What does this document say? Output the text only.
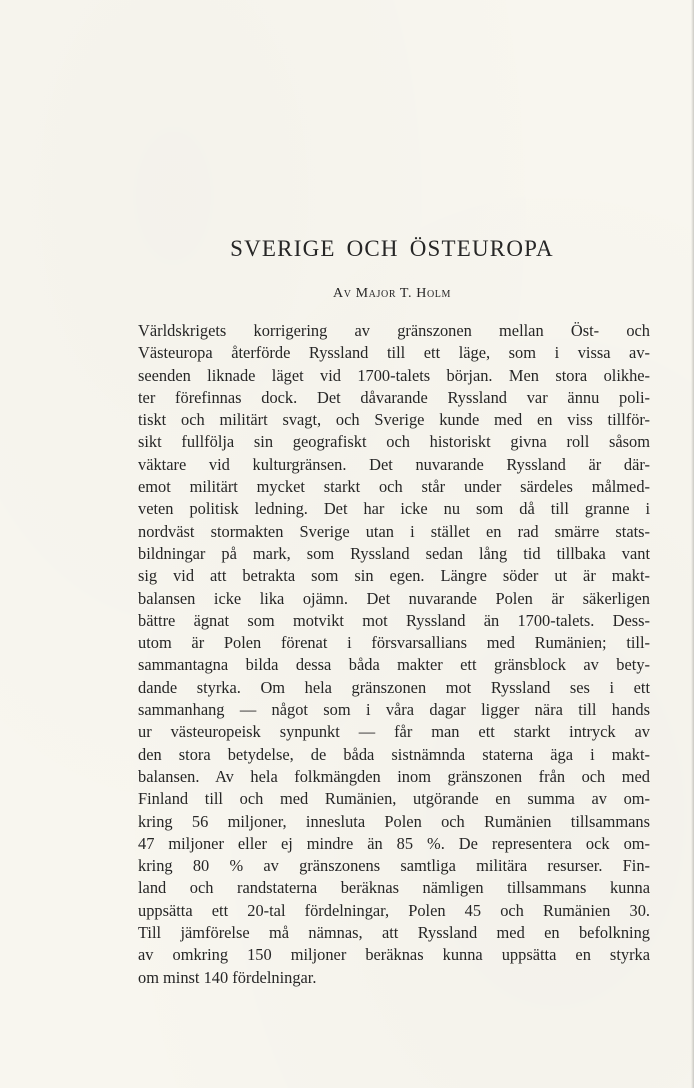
SVERIGE OCH ÖSTEUROPA

Av Major T. Holm

Världskrigets korrigering av gränszonen mellan Öst- och
Västeuropa återförde Ryssland till ett läge, som i vissa av-
seenden liknade läget vid 1700-talets början. Men stora olikhe-
ter förefinnas dock. Det dåvarande Ryssland var ännu poli-
tiskt och militärt svagt, och Sverige kunde med en viss tillför-
sikt fullfölja sin geografiskt och historiskt givna roll såsom
väktare vid kulturgränsen. Det nuvarande Ryssland är där-
emot militärt mycket starkt och står under särdeles målmed-
veten politisk ledning. Det har icke nu som då till granne i
nordväst stormakten Sverige utan i stället en rad smärre stats-
bildningar på mark, som Ryssland sedan lång tid tillbaka vant
sig vid att betrakta som sin egen. Längre söder ut är makt-
balansen icke lika ojämn. Det nuvarande Polen är säkerligen
bättre ägnat som motvikt mot Ryssland än 1700-talets. Dess-
utom är Polen förenat i försvarsallians med Rumänien; till-
sammantagna bilda dessa båda makter ett gränsblock av bety-
dande styrka. Om hela gränszonen mot Ryssland ses i ett
sammanhang — något som i våra dagar ligger nära till hands
ur västeuropeisk synpunkt — får man ett starkt intryck av
den stora betydelse, de båda sistnämnda staterna äga i makt-
balansen. Av hela folkmängden inom gränszonen från och med
Finland till och med Rumänien, utgörande en summa av om-
kring 56 miljoner, innesluta Polen och Rumänien tillsammans
47 miljoner eller ej mindre än 85 %. De representera ock om-
kring 80 % av gränszonens samtliga militära resurser. Fin-
land och randstaterna beräknas nämligen tillsammans kunna
uppsätta ett 20-tal fördelningar, Polen 45 och Rumänien 30.
Till jämförelse må nämnas, att Ryssland med en befolkning
av omkring 150 miljoner beräknas kunna uppsätta en styrka
om minst 140 fördelningar.
